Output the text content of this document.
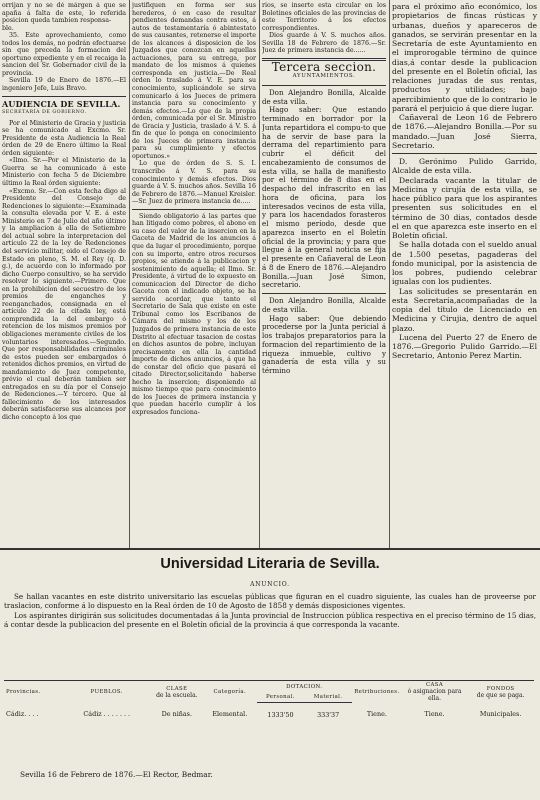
orrijan y no se dé márgen á que se apaña á falta de este, lo referida posicion queda tambien responsa-

ble.

35. Este aprovechamiento, como todos los demás, no podrán efectuarse sin que preceda la formacion del oportuno expediente y en el recaiga la sancion del Sr. Gobernador civil de la provincia.

Sevilla 19 de Enero de 1876.—El ingeniero Jefe, Luis Bravo.

AUDIENCIA DE SEVILLA.
SECRETARÍA DE GOBIERNO.

Por el Ministerio de Gracia y justicia se ha comunicado al Excmo. Sr. Presidente de esta Audiencia la Real órden de 29 de Enero último la Real órden siguiente:

«Ilmo. Sr.—Por el Ministerio de la Guerra se ha comunicado á este Ministerio con fecha 5 de Diciembre último la Real órden siguiente:

«Excmo. Sr.—Con esta fecha digo al Presidente del Consejo de Redenciones lo siguiente:—Examinada la consulta elevada por V. E. á este Ministerio en 7 de Julio del año último y la ampliacion á ella de Setiembre del actual sobre la interpretacion del artículo 22 de la ley de Redenciones del servicio militar, oido el Consejo de Estado en pleno, S. M. el Rey (q. D. g.), de acuerdo con lo informado por dicho Cuerpo consultivo, se ha servido resolver lo siguiente.—Primero. Que en la prohibicion del secuestro de los premios de enganches y reenganchados, consignada en el artículo 22 de la citada ley, está comprendida la del embargo ó retencion de los mismos premios por obligaciones meramente civiles de los voluntarios interesados.—Segundo. Que por responsabilidades criminales de estos pueden ser embargados ó retenidos dichos premios, en virtud de mandamiento de Juez competente, prévio el cual deberán tambien ser entregados en su día por el Consejo de Redenciones.—Y tercero. Que al fallecimiento de los interesados deberán satisfacerse sus alcances por dicho concepto á los que

justifiquen en forma ser sus herederos, ó en caso de resultar pendientes demandas contra estos, á autos de testamentaría ó abintestato de sus causantes, retenerse el importe de los alcances á disposicion de los Juzgados que conozcan en aquellas actuaciones, para su entrega, por mandato de los mismos á quienes corresponda en justicia.—De Real órden lo traslado á V. E. para su conocimiento, suplicándole se sirva comunicarlo á los Jueces de primera instancia para su conocimiento y demás efectos.—Lo que de la propia órden, comunicada por el Sr. Ministro de Gracia y Justicia, traslado á V. S. á fin de que lo ponga en conocimiento de los Jueces de primera instancia para su cumplimiento y efectos oportunos.»

Lo que de órden de S. S. I. transcribo á V. S. para su conocimiento y demás efectos. Dios guarde á V. S. muchos años. Sevilla 16 de Febrero de 1876.—Manuel Kreisler.—Sr. Juez de primera instancia de.....

Siendo obligatorio á las partes que han litigado como pobres, el abono en su caso del valor de la insercion en la Gaceta de Madrid de los anuncios á que da lugar el procedimiento, porque con su importe, entre otros recursos propios, se atiende á la publicacion y sostenimiento de aquella; el Ilmo. Sr. Presidente, á virtud de lo expuesto en comunicacion del Director de dicho Gaceta con el indicado objeto, se ha servido acordar, que tanto el Secretario de Sala que existe en este Tribunal como los Escribanos de Cámara del mismo y los de los Juzgados de primera instancia de este Distrito al efectuar tasacion de costas en dichos asuntos de pobre, incluyan precisamente en ella la cantidad importe de dichos anuncios, á que ha de constar del oficio que pasará el citado Director,solicitando haberse hecho la insercion; disponiendo al mismo tiempo que para conocimiento de los Jueces de primera instancia y que puedan hacerlo cumplir á los expresados funciona-

rios, se inserte esta circular en los Boletines oficiales de las provincias de este Territorio á los efectos correspondientes.

Dios guarde á V. S. muchos años. Sevilla 18 de Febrero de 1876.—Sr. Juez de primera instancia de......

Tercera seccion.
AYUNTAMIENTOS.

Don Alejandro Bonilla, Alcalde de esta villa.

Hago saber: Que estando terminado en borrador por la Junta repartidora el compu-to que ha de servir de base para la derrama del repartimiento para cubrir el déficit del encabezamiento de consumos de esta villa, se halla de manifiesto por el término de 8 dias en el despacho del infrascrito en las hora de oficina, para los interesados vecinos de esta villa, y para los hacendados forasteros el mismo período, desde que aparezca inserto en el Boletín oficial de la provincia; y para que llegue á la general noticia se fija el presente en Cañaveral de Leon á 8 de Enero de 1876.—Alejandro Bonilla.—Juan José Simon, secretario.

Don Alejandro Bonilla, Alcalde de esta villa.

Hago saber: Que debiendo procederse por la Junta pericial á los trabajos preparatorios para la formacion del repartimiento de la riqueza inmueble, cultivo y ganadería de esta villa y su término

para el próximo año económico, los propietarios de fincas rústicas y urbanas, dueños y apareceros de ganados, se servirán presentar en la Secretaría de este Ayuntamiento en el improrogable término de quince dias,á contar desde la publicacion del presente en el Boletín oficial, las relaciones juradas de sus rentas, productos y utilidades; bajo apercibimiento que de lo contrario le parará el perjuicio á que diere lugar.

Cañaveral de Leon 16 de Febrero de 1876.—Alejandro Bonilla.—Por su mandado.—Juan José Sierra, Secretario.

D. Gerónimo Pulido Garrido, Alcalde de esta villa.

Declarada vacante la titular de Medicina y cirujía de esta villa, se hace público para que los aspirantes presenten sus solicitudes en el término de 30 dias, contados desde el en que aparezca este inserto en el Boletín oficial.

Se halla dotada con el sueldo anual de 1.500 pesetas, pagaderas del fondo municipal, por la asistencia de los pobres, pudiendo celebrar igualas con los pudientes.

Las solicitudes se presentarán en esta Secretaría,acompañadas de la copia del título de Licenciado en Medicina y Cirujia, dentro de aquel plazo.

Lucena del Puerto 27 de Enero de 1876.—Gregorio Pulido Garrido.—El Secretario, Antonio Perez Martin.

Universidad Literaria de Sevilla.
ANUNCIO.

Se hallan vacantes en este distrito universitario las escuelas públicas que figuran en el cuadro siguiente, las cuales han de proveerse por traslacion, conforme á lo dispuesto en la Real órden de 10 de Agosto de 1858 y demás disposiciones vigentes.

Los aspirantes dirigirán sus solicitudes documentadas á la Junta provincial de Instruccion pública respectiva en el preciso término de 15 dias, á contar desde la publicacion del presente en el Boletín oficial de la provincia á que corresponda la vacante.

Provincias.	PUEBLOS.	CLASE
de la escuela.	Categoría.	DOTACION.		Retribuciones.	CASA
ó asignacion para ella.	FONDOS
de que se paga.
				Personal.	Material.			
Cádiz. . . .	Cádiz . . . . . . .	De niñas.	Elemental.	1333'50	333'37	Tiene.	Tiene.	Municipales.
Sevilla 16 de Febrero de 1876.—El Rector, Bedmar.
